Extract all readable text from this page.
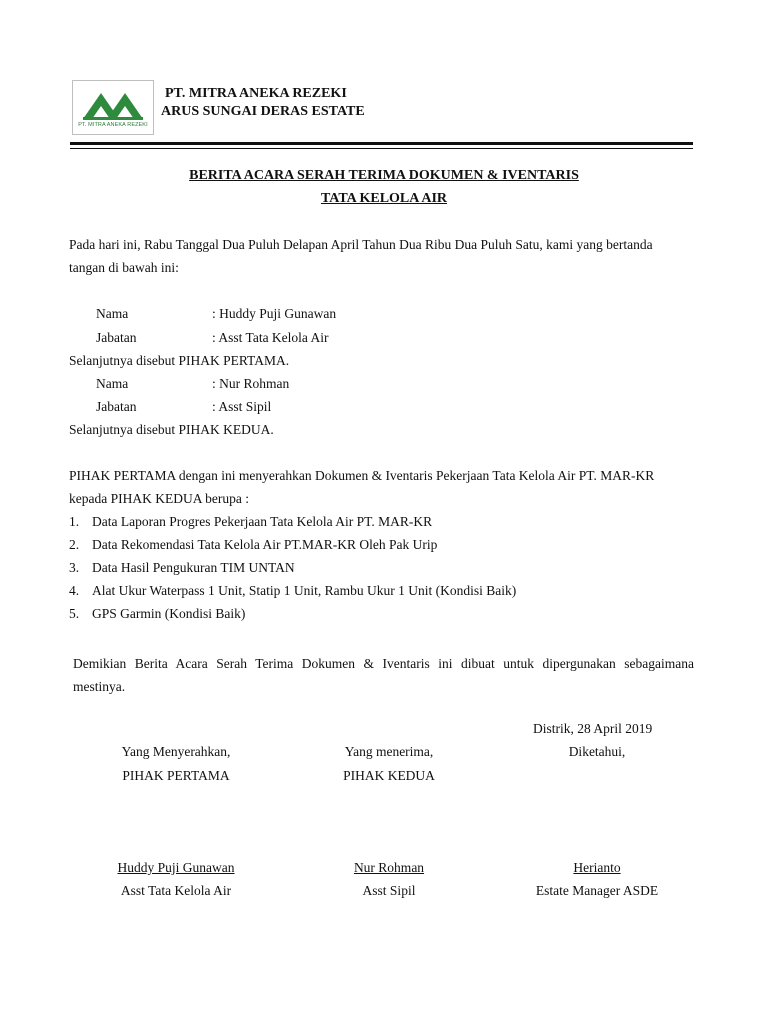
PT. MITRA ANEKA REZEKI
PT. MITRA ANEKA REZEKI
ARUS SUNGAI DERAS ESTATE
BERITA ACARA SERAH TERIMA DOKUMEN & IVENTARIS
TATA KELOLA AIR
Pada hari ini, Rabu Tanggal Dua Puluh Delapan April Tahun Dua Ribu Dua Puluh Satu, kami yang bertanda
tangan di bawah ini:
Nama	: Huddy Puji Gunawan
Jabatan	: Asst Tata Kelola Air
Selanjutnya disebut PIHAK PERTAMA.
Nama	: Nur Rohman
Jabatan	: Asst Sipil
Selanjutnya disebut PIHAK KEDUA.
PIHAK PERTAMA dengan ini menyerahkan Dokumen & Iventaris Pekerjaan Tata Kelola Air PT. MAR-KR
kepada PIHAK KEDUA berupa :
1. Data Laporan Progres Pekerjaan Tata Kelola Air PT. MAR-KR
2. Data Rekomendasi Tata Kelola Air PT.MAR-KR Oleh Pak Urip
3. Data Hasil Pengukuran TIM UNTAN
4. Alat Ukur Waterpass 1 Unit, Statip 1 Unit, Rambu Ukur 1 Unit (Kondisi Baik)
5. GPS Garmin (Kondisi Baik)
Demikian Berita Acara Serah Terima Dokumen & Iventaris ini dibuat untuk dipergunakan sebagaimana
mestinya.
Distrik, 28 April 2019
Yang Menyerahkan,	Yang menerima,	Diketahui,
PIHAK PERTAMA	PIHAK KEDUA
Huddy Puji Gunawan	Nur Rohman	Herianto
Asst Tata Kelola Air	Asst Sipil	Estate Manager ASDE
